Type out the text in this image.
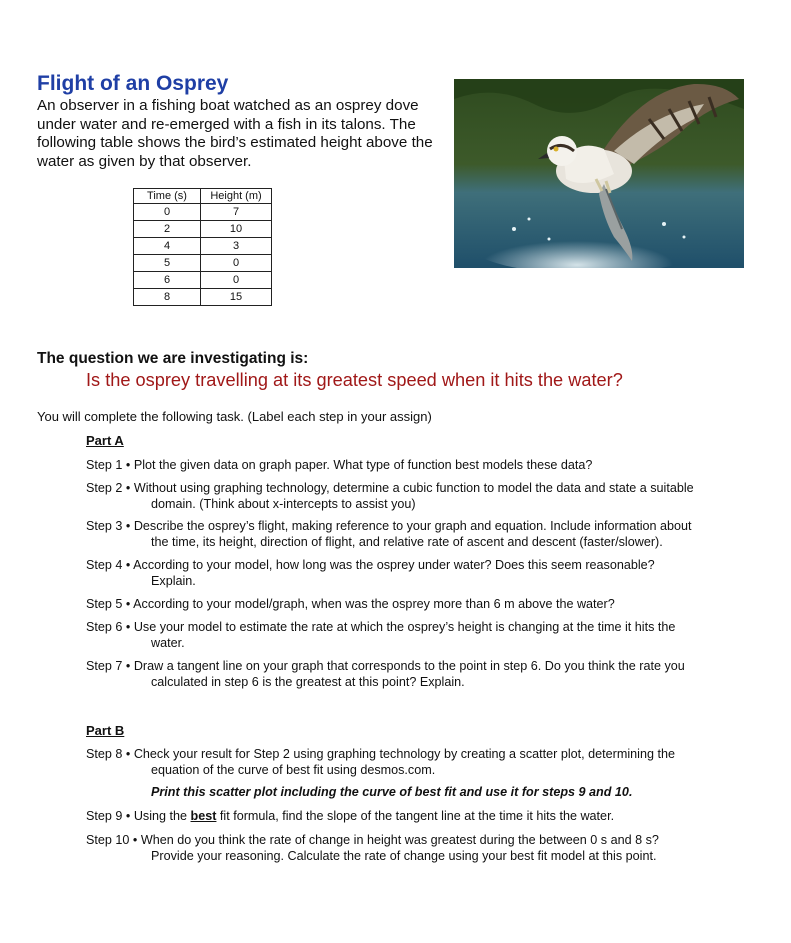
Flight of an Osprey
An observer in a fishing boat watched as an osprey dove under water and re-emerged with a fish in its talons. The following table shows the bird’s estimated height above the water as given by that observer.
Time (s)	Height (m)
0	7
2	10
4	3
5	0
6	0
8	15
The question we are investigating is:
Is the osprey travelling at its greatest speed when it hits the water?
You will complete the following task. (Label each step in your assign)
Part A
Step 1 • Plot the given data on graph paper. What type of function best models these data?
Step 2 • Without using graphing technology, determine a cubic function to model the data and state a suitable
domain. (Think about x-intercepts to assist you)
Step 3 • Describe the osprey’s flight, making reference to your graph and equation. Include information about
the time, its height, direction of flight, and relative rate of ascent and descent (faster/slower).
Step 4 • According to your model, how long was the osprey under water? Does this seem reasonable?
Explain.
Step 5 • According to your model/graph, when was the osprey more than 6 m above the water?
Step 6 • Use your model to estimate the rate at which the osprey’s height is changing at the time it hits the
water.
Step 7 • Draw a tangent line on your graph that corresponds to the point in step 6. Do you think the rate you
calculated in step 6 is the greatest at this point? Explain.
Part B
Step 8 • Check your result for Step 2 using graphing technology by creating a scatter plot, determining the
equation of the curve of best fit using desmos.com.
Print this scatter plot including the curve of best fit and use it for steps 9 and 10.
Step 9 • Using the best fit formula, find the slope of the tangent line at the time it hits the water.
Step 10 • When do you think the rate of change in height was greatest during the between 0 s and 8 s?
Provide your reasoning. Calculate the rate of change using your best fit model at this point.
